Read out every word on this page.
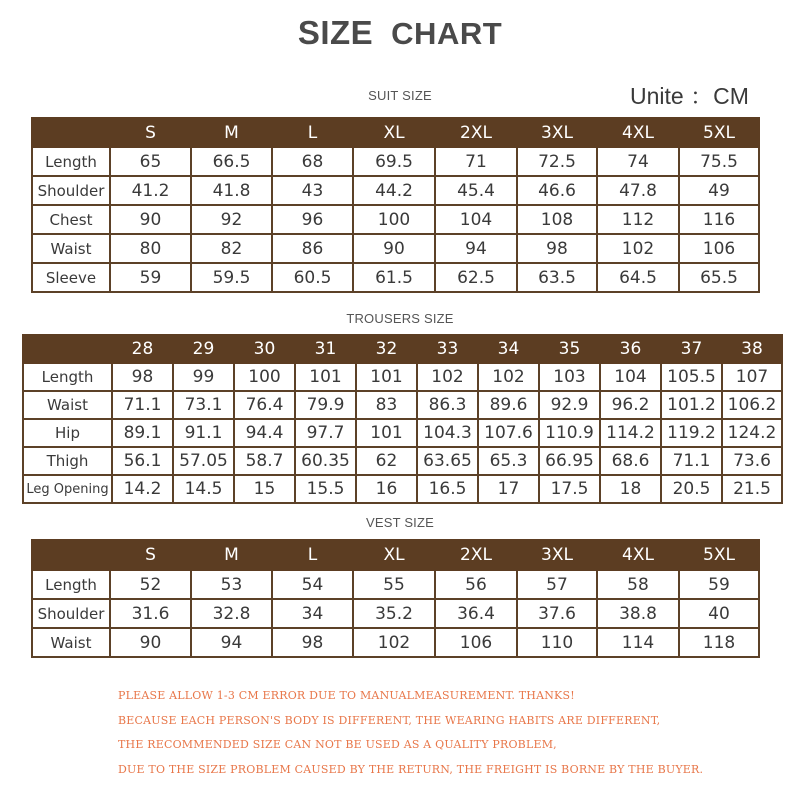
SIZE CHART
Unite ：CM
SUIT SIZE
	S	M	L	XL	2XL	3XL	4XL	5XL
Length	65	66.5	68	69.5	71	72.5	74	75.5
Shoulder	41.2	41.8	43	44.2	45.4	46.6	47.8	49
Chest	90	92	96	100	104	108	112	116
Waist	80	82	86	90	94	98	102	106
Sleeve	59	59.5	60.5	61.5	62.5	63.5	64.5	65.5
TROUSERS SIZE
	28	29	30	31	32	33	34	35	36	37	38
Length	98	99	100	101	101	102	102	103	104	105.5	107
Waist	71.1	73.1	76.4	79.9	83	86.3	89.6	92.9	96.2	101.2	106.2
Hip	89.1	91.1	94.4	97.7	101	104.3	107.6	110.9	114.2	119.2	124.2
Thigh	56.1	57.05	58.7	60.35	62	63.65	65.3	66.95	68.6	71.1	73.6
Leg Opening	14.2	14.5	15	15.5	16	16.5	17	17.5	18	20.5	21.5
VEST SIZE
	S	M	L	XL	2XL	3XL	4XL	5XL
Length	52	53	54	55	56	57	58	59
Shoulder	31.6	32.8	34	35.2	36.4	37.6	38.8	40
Waist	90	94	98	102	106	110	114	118
PLEASE ALLOW 1-3 CM ERROR DUE TO MANUALMEASUREMENT. THANKS!
BECAUSE EACH PERSON'S BODY IS DIFFERENT, THE WEARING HABITS ARE DIFFERENT,
THE RECOMMENDED SIZE CAN NOT BE USED AS A QUALITY PROBLEM,
DUE TO THE SIZE PROBLEM CAUSED BY THE RETURN, THE FREIGHT IS BORNE BY THE BUYER.
